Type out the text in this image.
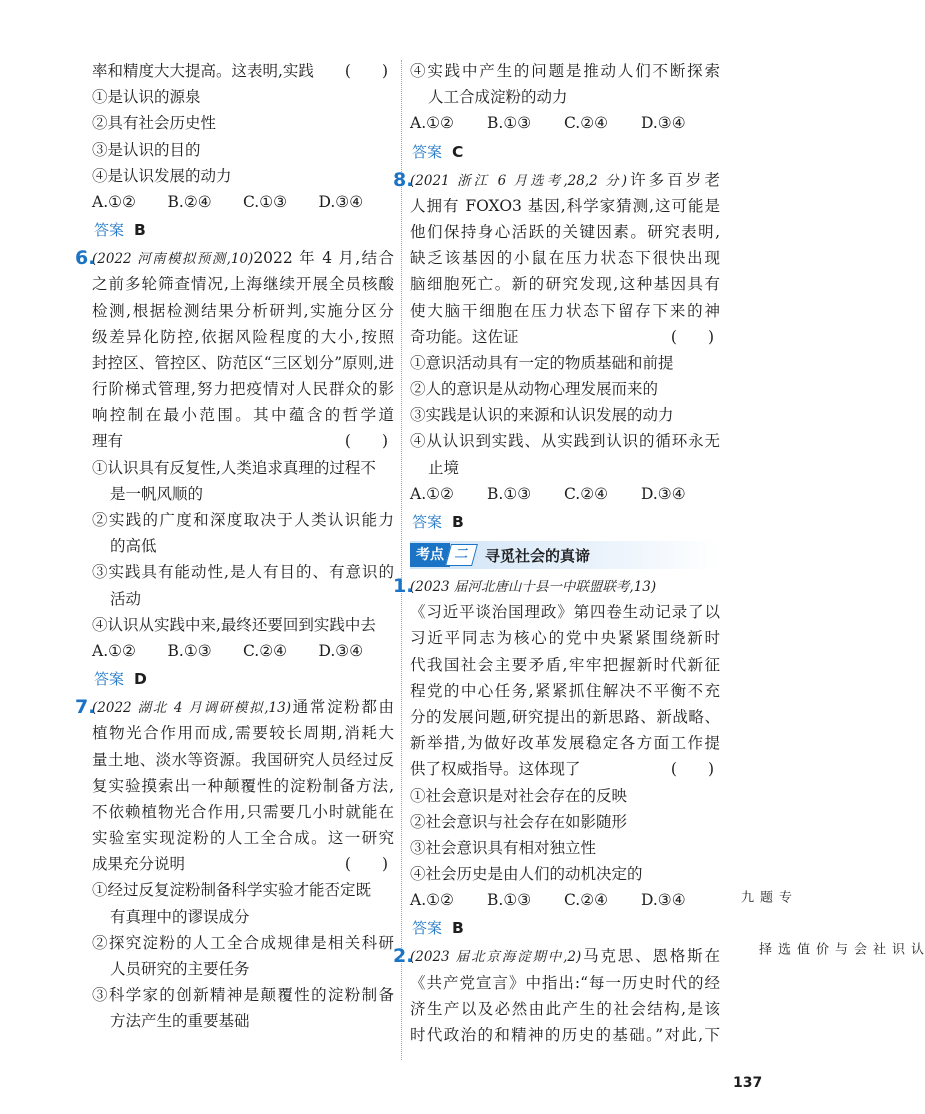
率和精度大大提高。这表明,实践 (　　)
①是认识的源泉
②具有社会历史性
③是认识的目的
④是认识发展的动力
A.①②	B.②④	C.①③	D.③④
答案 B
6.
(2022 河南模拟预测,10)2022 年 4 月,结合
之前多轮筛查情况,上海继续开展全员核酸
检测,根据检测结果分析研判,实施分区分
级差异化防控,依据风险程度的大小,按照
封控区、管控区、防范区“三区划分”原则,进
行阶梯式管理,努力把疫情对人民群众的影
响控制在最小范围。其中蕴含的哲学道
理有	(　　)
①认识具有反复性,人类追求真理的过程不
是一帆风顺的
②实践的广度和深度取决于人类认识能力
的高低
③实践具有能动性,是人有目的、有意识的
活动
④认识从实践中来,最终还要回到实践中去
A.①②	B.①③	C.②④	D.③④
答案 D
7.
(2022 湖北 4 月调研模拟,13)通常淀粉都由
植物光合作用而成,需要较长周期,消耗大
量土地、淡水等资源。我国研究人员经过反
复实验摸索出一种颠覆性的淀粉制备方法,
不依赖植物光合作用,只需要几小时就能在
实验室实现淀粉的人工全合成。这一研究
成果充分说明	(　　)
①经过反复淀粉制备科学实验才能否定既
有真理中的谬误成分
②探究淀粉的人工全合成规律是相关科研
人员研究的主要任务
③科学家的创新精神是颠覆性的淀粉制备
方法产生的重要基础
④实践中产生的问题是推动人们不断探索
人工合成淀粉的动力
A.①②	B.①③	C.②④	D.③④
答案 C
8.
(2021 浙江 6 月选考,28,2 分)许多百岁老
人拥有 FOXO3 基因,科学家猜测,这可能是
他们保持身心活跃的关键因素。研究表明,
缺乏该基因的小鼠在压力状态下很快出现
脑细胞死亡。新的研究发现,这种基因具有
使大脑干细胞在压力状态下留存下来的神
奇功能。这佐证	(　　)
①意识活动具有一定的物质基础和前提
②人的意识是从动物心理发展而来的
③实践是认识的来源和认识发展的动力
④从认识到实践、从实践到认识的循环永无
止境
A.①②	B.①③	C.②④	D.③④
答案 B
考点 二 寻觅社会的真谛
1.
(2023 届河北唐山十县一中联盟联考,13)
《习近平谈治国理政》第四卷生动记录了以
习近平同志为核心的党中央紧紧围绕新时
代我国社会主要矛盾,牢牢把握新时代新征
程党的中心任务,紧紧抓住解决不平衡不充
分的发展问题,研究提出的新思路、新战略、
新举措,为做好改革发展稳定各方面工作提
供了权威指导。这体现了	(　　)
①社会意识是对社会存在的反映
②社会意识与社会存在如影随形
③社会意识具有相对独立性
④社会历史是由人们的动机决定的
A.①②	B.①③	C.②④	D.③④
答案 B
2.
(2023 届北京海淀期中,2)马克思、恩格斯在
《共产党宣言》中指出:“每一历史时代的经
济生产以及必然由此产生的社会结构,是该
时代政治的和精神的历史的基础。”对此,下
专题九
认识社会与价值选择
137
